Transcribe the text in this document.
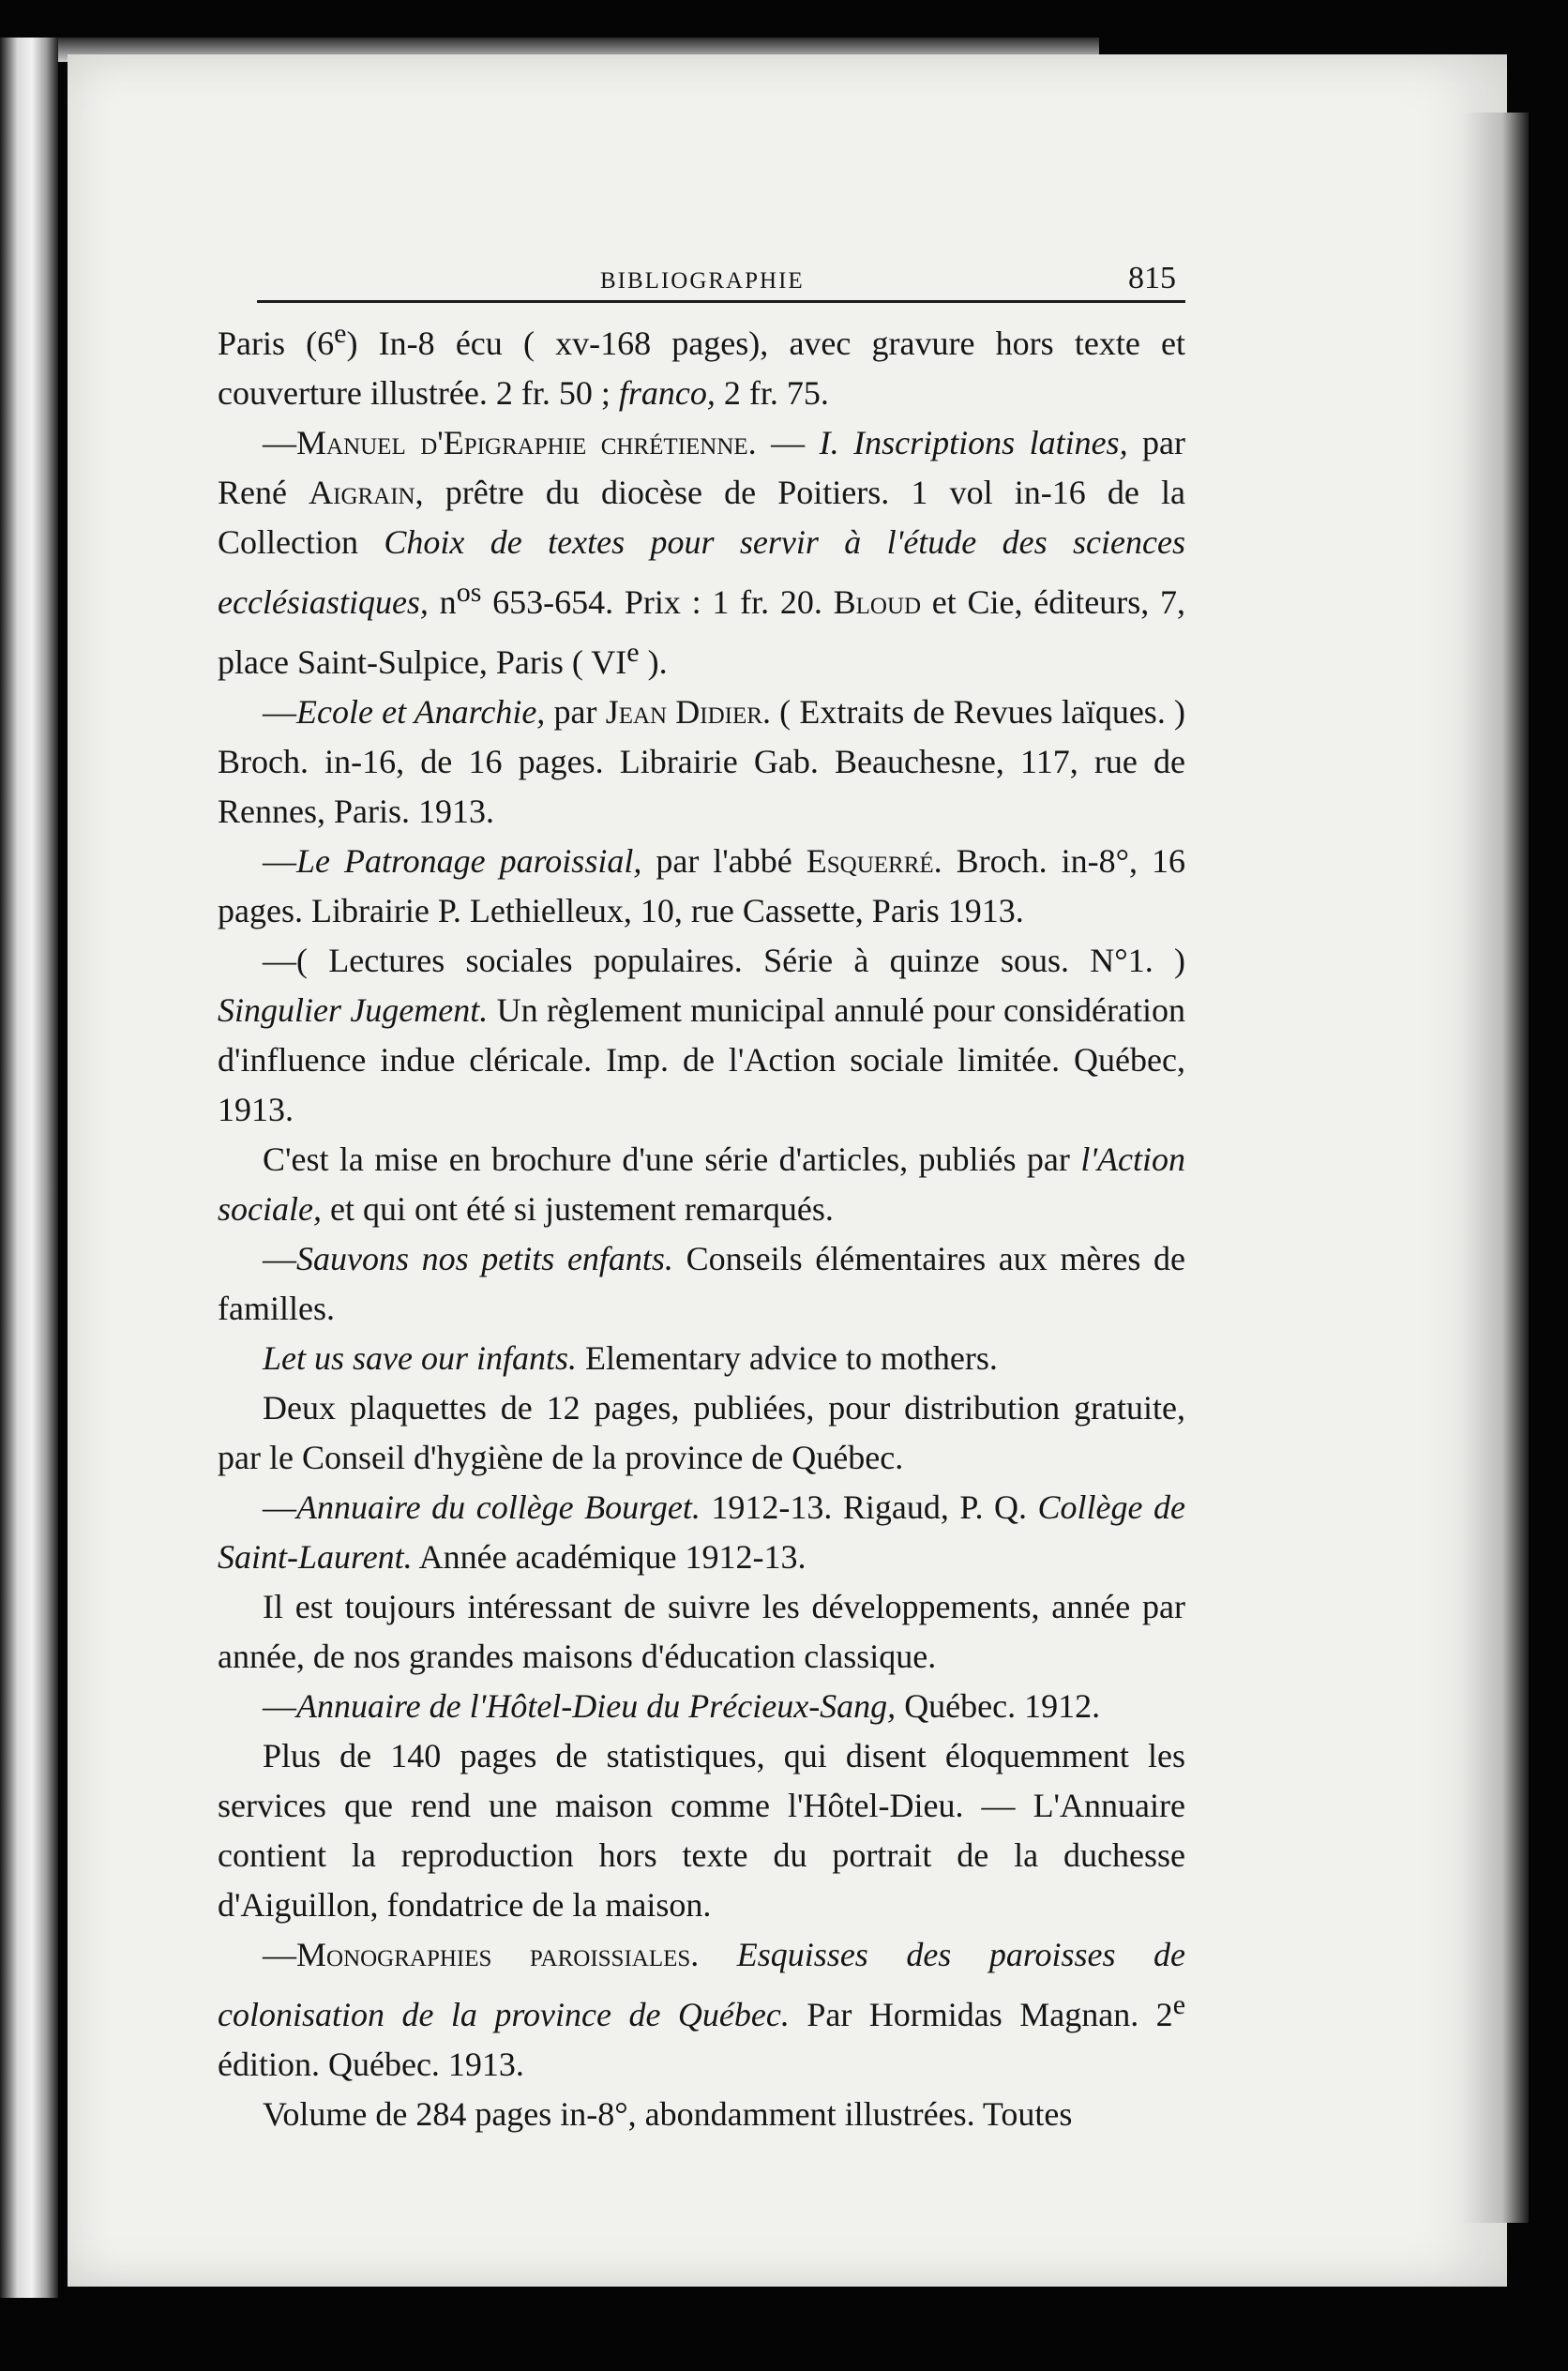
BIBLIOGRAPHIE	815

Paris (6e) In-8 écu ( xv-168 pages), avec gravure hors texte et couverture illustrée. 2 fr. 50 ; franco, 2 fr. 75.

—Manuel d'Epigraphie chrétienne. — I. Inscriptions latines, par René Aigrain, prêtre du diocèse de Poitiers. 1 vol in-16 de la Collection Choix de textes pour servir à l'étude des sciences ecclésiastiques, $n^{os}$ 653-654. Prix : 1 fr. 20. Bloud et Cie, éditeurs, 7, place Saint-Sulpice, Paris ( VIe ).

—Ecole et Anarchie, par Jean Didier. ( Extraits de Revues laïques. ) Broch. in-16, de 16 pages. Librairie Gab. Beauchesne, 117, rue de Rennes, Paris. 1913.

—Le Patronage paroissial, par l'abbé Esquerré. Broch. in-8°, 16 pages. Librairie P. Lethielleux, 10, rue Cassette, Paris 1913.

—( Lectures sociales populaires. Série à quinze sous. N°1. ) Singulier Jugement. Un règlement municipal annulé pour considération d'influence indue cléricale. Imp. de l'Action sociale limitée. Québec, 1913.

C'est la mise en brochure d'une série d'articles, publiés par l'Action sociale, et qui ont été si justement remarqués.

—Sauvons nos petits enfants. Conseils élémentaires aux mères de familles.

Let us save our infants. Elementary advice to mothers.

Deux plaquettes de 12 pages, publiées, pour distribution gratuite, par le Conseil d'hygiène de la province de Québec.

—Annuaire du collège Bourget. 1912-13. Rigaud, P. Q. Collège de Saint-Laurent. Année académique 1912-13.

Il est toujours intéressant de suivre les développements, année par année, de nos grandes maisons d'éducation classique.

—Annuaire de l'Hôtel-Dieu du Précieux-Sang, Québec. 1912.

Plus de 140 pages de statistiques, qui disent éloquemment les services que rend une maison comme l'Hôtel-Dieu. — L'Annuaire contient la reproduction hors texte du portrait de la duchesse d'Aiguillon, fondatrice de la maison.

—Monographies paroissiales. Esquisses des paroisses de colonisation de la province de Québec. Par Hormidas Magnan. 2e édition. Québec. 1913.

Volume de 284 pages in-8°, abondamment illustrées. Toutes
